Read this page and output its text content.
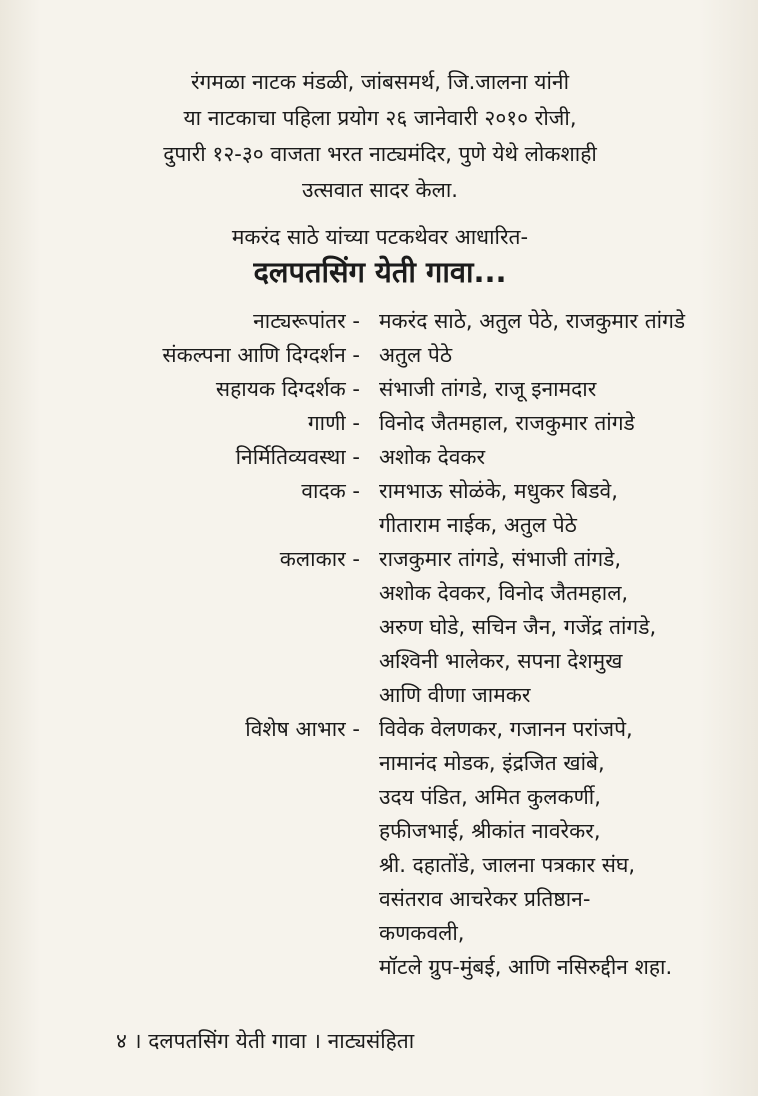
रंगमळा नाटक मंडळी, जांबसमर्थ, जि.जालना यांनी
या नाटकाचा पहिला प्रयोग २६ जानेवारी २०१० रोजी,
दुपारी १२-३० वाजता भरत नाट्यमंदिर, पुणे येथे लोकशाही
उत्सवात सादर केला.
मकरंद साठे यांच्या पटकथेवर आधारित-
दलपतसिंग येती गावा...
नाट्यरूपांतर - मकरंद साठे, अतुल पेठे, राजकुमार तांगडे
संकल्पना आणि दिग्दर्शन - अतुल पेठे
सहायक दिग्दर्शक - संभाजी तांगडे, राजू इनामदार
गाणी - विनोद जैतमहाल, राजकुमार तांगडे
निर्मितिव्यवस्था - अशोक देवकर
वादक - रामभाऊ सोळंके, मधुकर बिडवे,
गीताराम नाईक, अतुल पेठे
कलाकार - राजकुमार तांगडे, संभाजी तांगडे,
अशोक देवकर, विनोद जैतमहाल,
अरुण घोडे, सचिन जैन, गजेंद्र तांगडे,
अश्विनी भालेकर, सपना देशमुख
आणि वीणा जामकर
विशेष आभार - विवेक वेलणकर, गजानन परांजपे,
नामानंद मोडक, इंद्रजित खांबे,
उदय पंडित, अमित कुलकर्णी,
हफीजभाई, श्रीकांत नावरेकर,
श्री. दहातोंडे, जालना पत्रकार संघ,
वसंतराव आचरेकर प्रतिष्ठान-
कणकवली,
मॉटले ग्रुप-मुंबई, आणि नसिरुद्दीन शहा.
४ । दलपतसिंग येती गावा । नाट्यसंहिता
